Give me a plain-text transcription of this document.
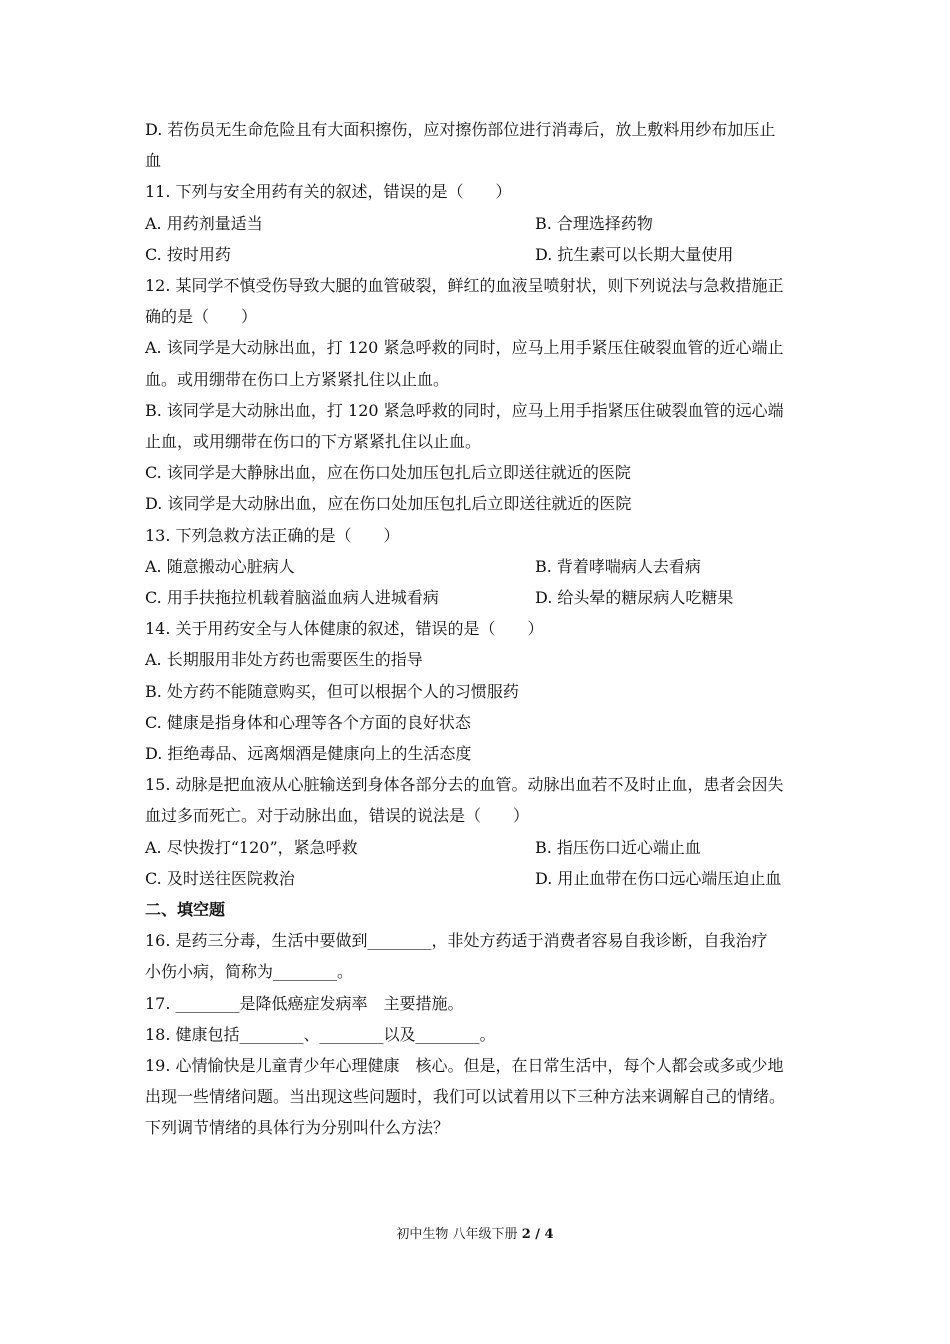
D. 若伤员无生命危险且有大面积擦伤，应对擦伤部位进行消毒后，放上敷料用纱布加压止
血
11. 下列与安全用药有关的叙述，错误的是（　　）
A. 用药剂量适当	B. 合理选择药物
C. 按时用药	D. 抗生素可以长期大量使用
12. 某同学不慎受伤导致大腿的血管破裂，鲜红的血液呈喷射状，则下列说法与急救措施正
确的是（　　）
A. 该同学是大动脉出血，打 120 紧急呼救的同时，应马上用手紧压住破裂血管的近心端止
血。或用绷带在伤口上方紧紧扎住以止血。
B. 该同学是大动脉出血，打 120 紧急呼救的同时，应马上用手指紧压住破裂血管的远心端
止血，或用绷带在伤口的下方紧紧扎住以止血。
C. 该同学是大静脉出血，应在伤口处加压包扎后立即送往就近的医院
D. 该同学是大动脉出血，应在伤口处加压包扎后立即送往就近的医院
13. 下列急救方法正确的是（　　）
A. 随意搬动心脏病人	B. 背着哮喘病人去看病
C. 用手扶拖拉机载着脑溢血病人进城看病	D. 给头晕的糖尿病人吃糖果
14. 关于用药安全与人体健康的叙述，错误的是（　　）
A. 长期服用非处方药也需要医生的指导
B. 处方药不能随意购买，但可以根据个人的习惯服药
C. 健康是指身体和心理等各个方面的良好状态
D. 拒绝毒品、远离烟酒是健康向上的生活态度
15. 动脉是把血液从心脏输送到身体各部分去的血管。动脉出血若不及时止血，患者会因失
血过多而死亡。对于动脉出血，错误的说法是（　　）
A. 尽快拨打“120”，紧急呼救	B. 指压伤口近心端止血
C. 及时送往医院救治	D. 用止血带在伤口远心端压迫止血
二、填空题
16. 是药三分毒，生活中要做到________，非处方药适于消费者容易自我诊断，自我治疗
小伤小病，简称为________。
17. ________是降低癌症发病率　主要措施。
18. 健康包括________、________以及________。
19. 心情愉快是儿童青少年心理健康　核心。但是，在日常生活中，每个人都会或多或少地
出现一些情绪问题。当出现这些问题时，我们可以试着用以下三种方法来调解自己的情绪。
下列调节情绪的具体行为分别叫什么方法？
初中生物 八年级下册 2 / 4
